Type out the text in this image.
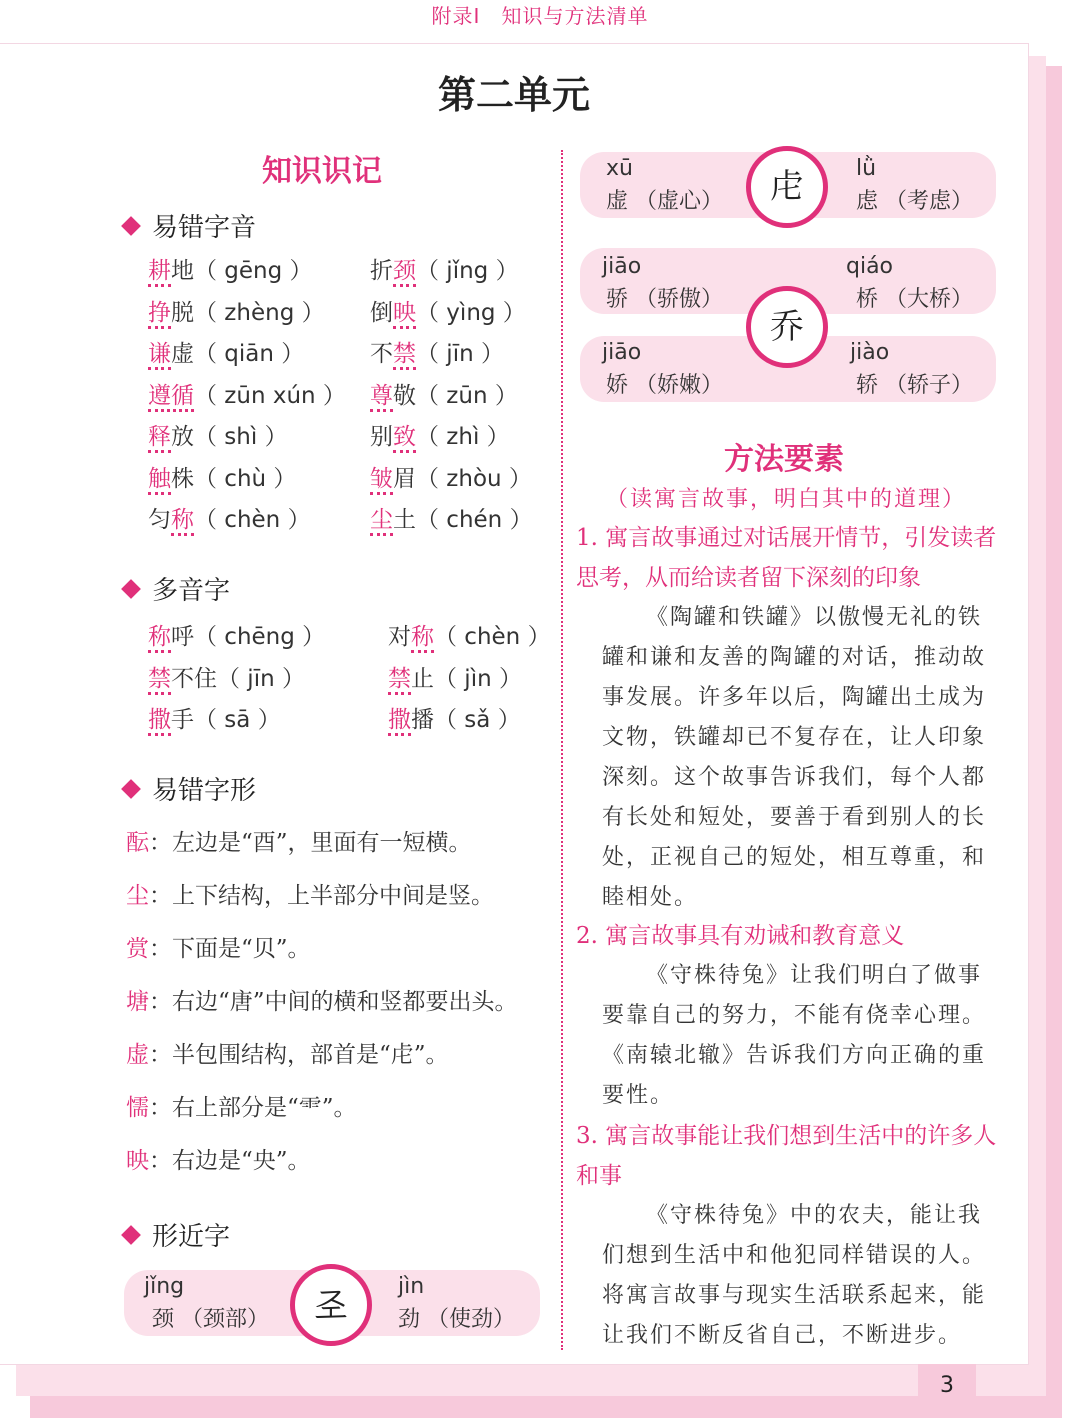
附录Ⅰ　知识与方法清单
第二单元
知识识记
易错字音
耕地（ gēng ）
挣脱（ zhèng ）
谦虚（ qiān ）
遵循（ zūn xún ）
释放（ shì ）
触株（ chù ）
匀称（ chèn ）
折颈（ jǐng ）
倒映（ yìng ）
不禁（ jīn ）
尊敬（ zūn ）
别致（ zhì ）
皱眉（ zhòu ）
尘土（ chén ）
多音字
称呼（ chēng ）
禁不住（ jīn ）
撒手（ sā ）
对称（ chèn ）
禁止（ jìn ）
撒播（ sǎ ）
易错字形
酝：左边是“酉”，里面有一短横。
尘：上下结构，上半部分中间是竖。
赏：下面是“贝”。
塘：右边“唐”中间的横和竖都要出头。
虚：半包围结构，部首是“虍”。
懦：右上部分是“⻗”。
映：右边是“央”。
形近字
𢀖
jǐng
颈 （颈部）
jìn
劲 （使劲）
虍
xū
虚 （虚心）
lǜ
虑 （考虑）
乔
jiāo
骄 （骄傲）
qiáo
桥 （大桥）
jiāo
娇 （娇嫩）
jiào
轿 （轿子）
方法要素
（读寓言故事，明白其中的道理）
1. 寓言故事通过对话展开情节，引发读者思考，从而给读者留下深刻的印象
《陶罐和铁罐》以傲慢无礼的铁罐和谦和友善的陶罐的对话，推动故事发展。许多年以后，陶罐出土成为文物，铁罐却已不复存在，让人印象深刻。这个故事告诉我们，每个人都有长处和短处，要善于看到别人的长处，正视自己的短处，相互尊重，和睦相处。
2. 寓言故事具有劝诫和教育意义
《守株待兔》让我们明白了做事要靠自己的努力，不能有侥幸心理。《南辕北辙》告诉我们方向正确的重要性。
3. 寓言故事能让我们想到生活中的许多人和事
《守株待兔》中的农夫，能让我们想到生活中和他犯同样错误的人。将寓言故事与现实生活联系起来，能让我们不断反省自己，不断进步。
3
